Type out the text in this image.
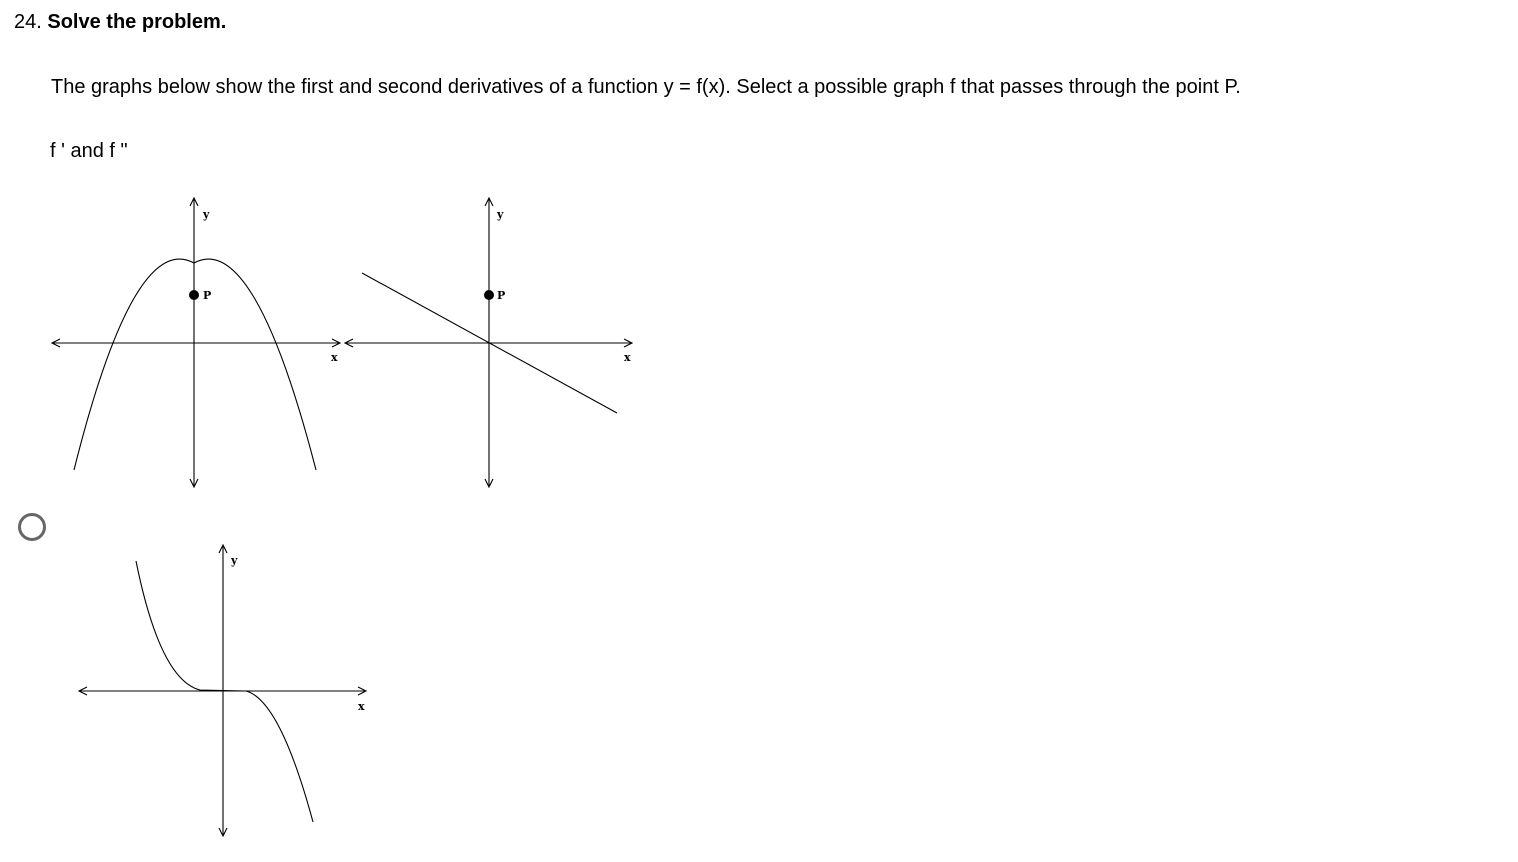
24. Solve the problem.
The graphs below show the first and second derivatives of a function y = f(x). Select a possible graph f that passes through the point P.
f ' and f "
y
x
P
y
x
P
y
x
